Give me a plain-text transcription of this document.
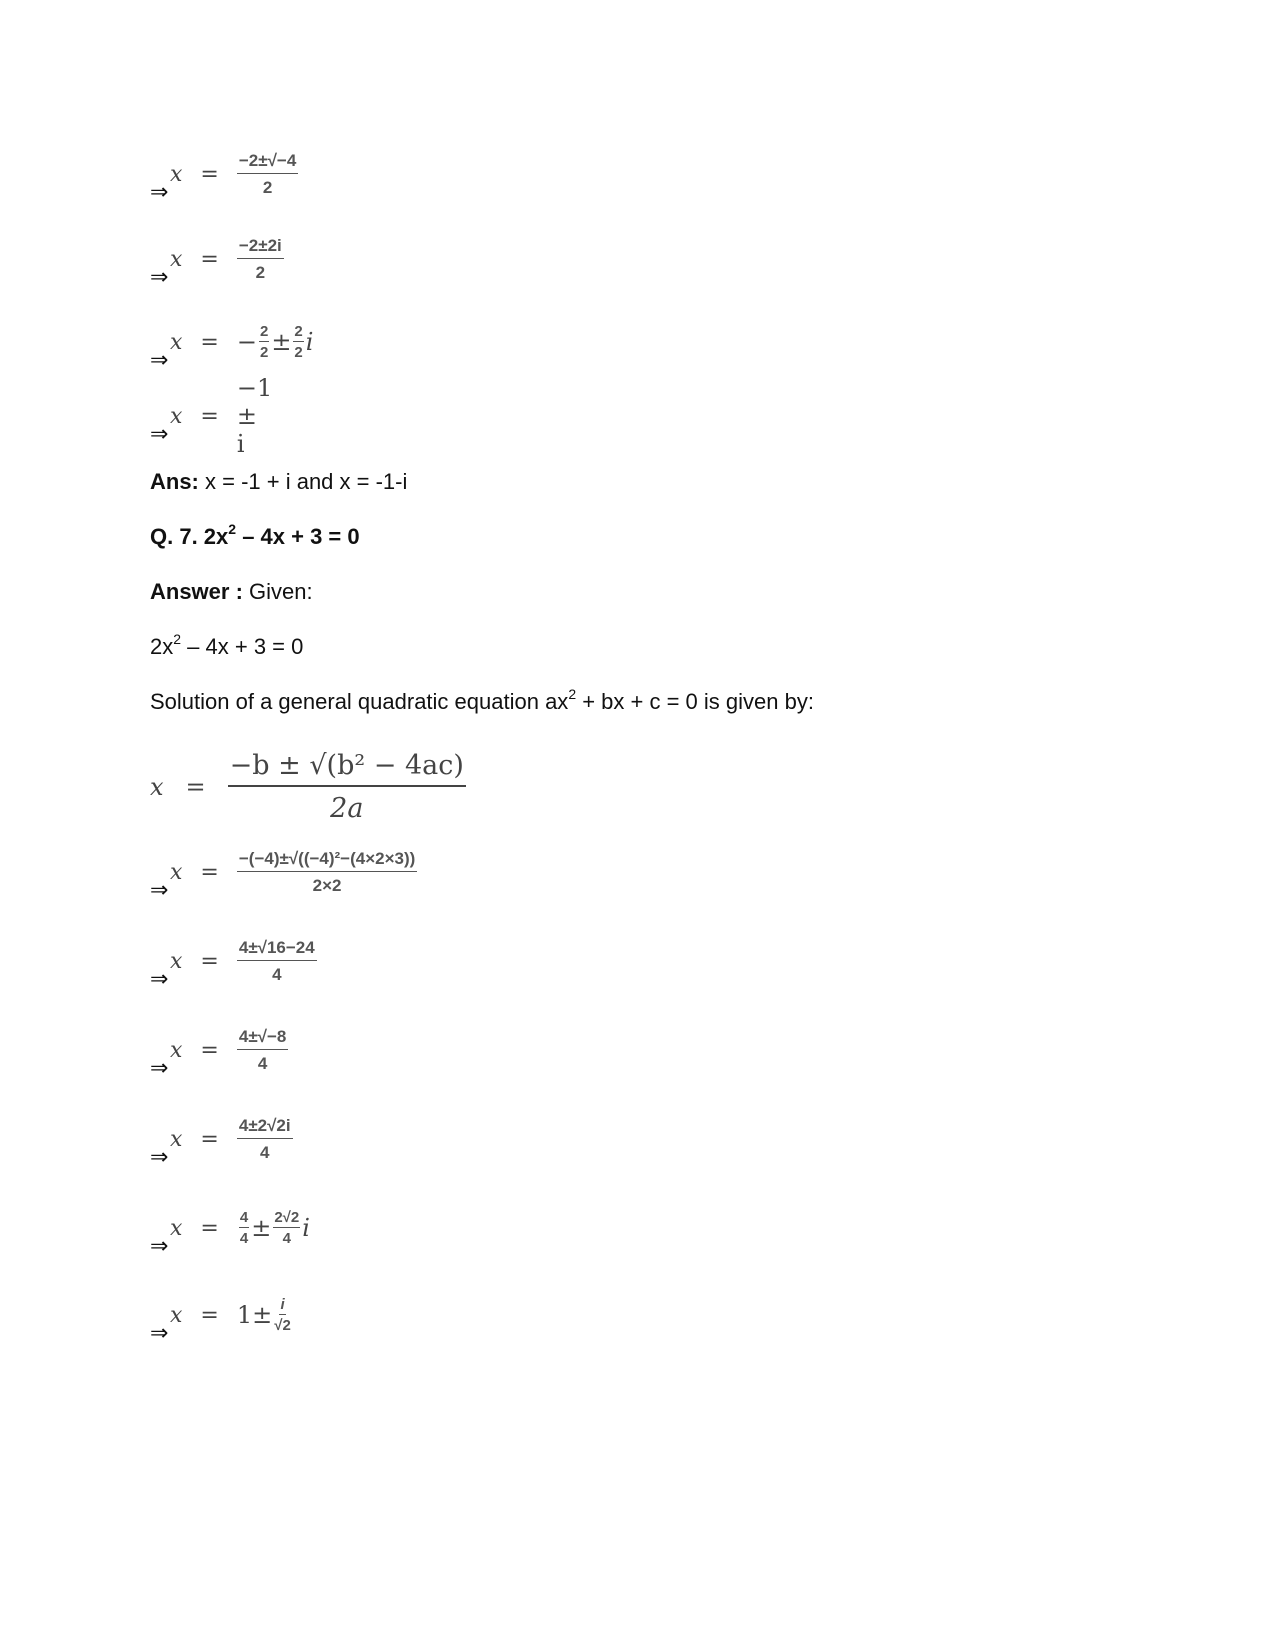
⇒
$x = \frac{-2\pm√-4}{2}$
⇒
$x = \frac{-2\pm 2i}{2}$
⇒
x = − $\frac{2}{2} \pm \frac{2}{2}$ i
⇒
x =
−1 ± i
Ans: x = -1 + i and x = -1-i
Q. 7. $2x^2 - 4x + 3 = 0$
Answer : Given:
$2x^2 - 4x + 3 = 0$
Solution of a general quadratic equation $ax^2$ + bx + c = 0 is given by:
$x = \frac{\text{−b ± √(b² − 4ac)}}{2a}$
⇒
$x = \frac{\text{−(−4)±√((−4)²−(4×2×3))}}{2\times 2}$
⇒
$x = \frac{4\pm√16-24}{4}$
⇒
$x = \frac{4\pm√-8}{4}$
⇒
$x = \frac{4\pm 2√2i}{4}$
⇒
$x = \frac{4}{4} \pm \frac{2√2}{4}$ i
⇒
$x = 1 \pm \frac{i}{√2}$
